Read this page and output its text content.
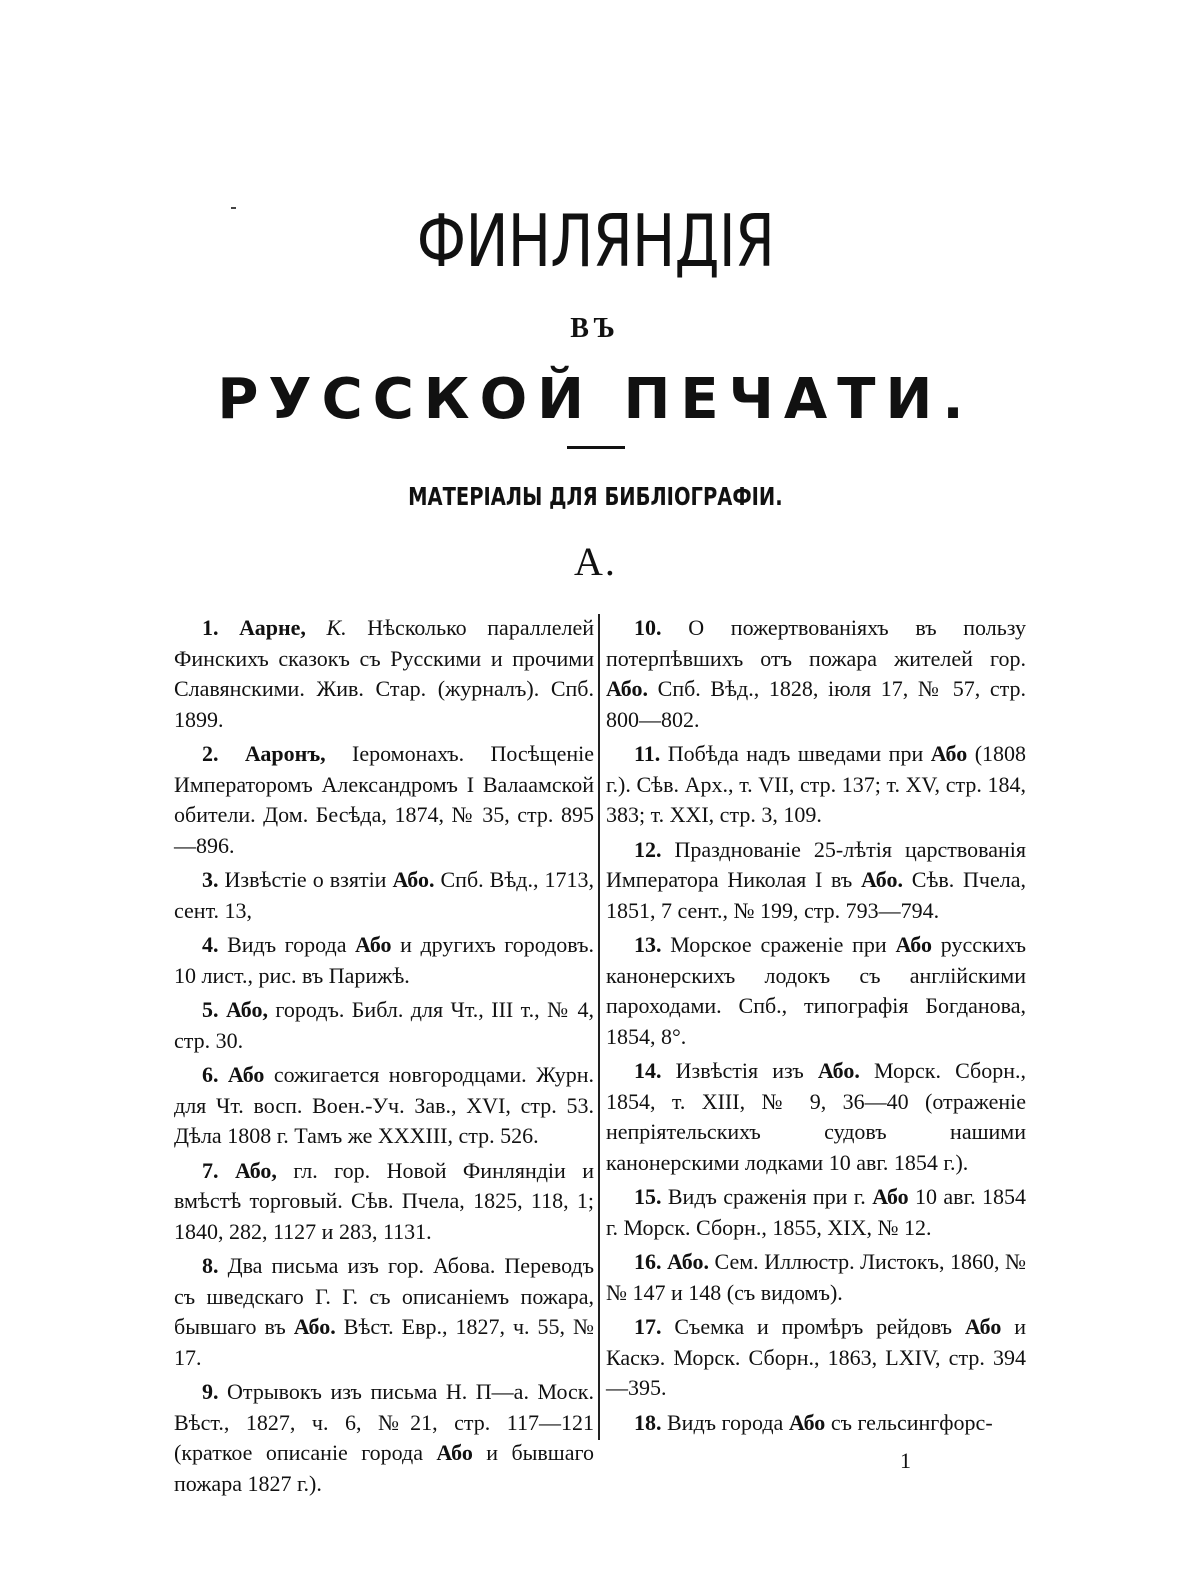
ФИНЛЯНДІЯ
ВЪ
РУССКОЙ ПЕЧАТИ.
МАТЕРІАЛЫ ДЛЯ БИБЛІОГРАФІИ.
А.

1. Аарне, К. Нѣсколько параллелей Финскихъ сказокъ съ Русскими и прочими Славянскими. Жив. Стар. (журналъ). Спб. 1899.

2. Ааронъ, Іеромонахъ. Посѣщеніе Императоромъ Александромъ I Валаамской обители. Дом. Бесѣда, 1874, № 35, стр. 895—896.

3. Извѣстіе о взятіи Або. Спб. Вѣд., 1713, сент. 13,

4. Видъ города Або и другихъ городовъ. 10 лист., рис. въ Парижѣ.

5. Або, городъ. Библ. для Чт., III т., № 4, стр. 30.

6. Або сожигается новгородцами. Журн. для Чт. восп. Воен.-Уч. Зав., XVI, стр. 53. Дѣла 1808 г. Тамъ же XXXIII, стр. 526.

7. Або, гл. гор. Новой Финляндіи и вмѣстѣ торговый. Сѣв. Пчела, 1825, 118, 1; 1840, 282, 1127 и 283, 1131.

8. Два письма изъ гор. Абова. Переводъ съ шведскаго Г. Г. съ описаніемъ пожара, бывшаго въ Або. Вѣст. Евр., 1827, ч. 55, № 17.

9. Отрывокъ изъ письма Н. П—а. Моск. Вѣст., 1827, ч. 6, №21, стр. 117—121 (краткое описаніе города Або и бывшаго пожара 1827 г.).

10. О пожертвованіяхъ въ пользу потерпѣвшихъ отъ пожара жителей гор. Або. Спб. Вѣд., 1828, іюля 17, № 57, стр. 800—802.

11. Побѣда надъ шведами при Або (1808 г.). Сѣв. Арх., т. VII, стр. 137; т. XV, стр. 184, 383; т. XXI, стр. 3, 109.

12. Празднованіе 25-лѣтія царствованія Императора Николая I въ Або. Сѣв. Пчела, 1851, 7 сент., № 199, стр. 793—794.

13. Морское сраженіе при Або русскихъ канонерскихъ лодокъ съ англійскими пароходами. Спб., типографія Богданова, 1854, 8°.

14. Извѣстія изъ Або. Морск. Сборн., 1854, т. XIII, № 9, 36—40 (отраженіе непріятельскихъ судовъ нашими канонерскими лодками 10 авг. 1854 г.).

15. Видъ сраженія при г. Або 10 авг. 1854 г. Морск. Сборн., 1855, XIX, № 12.

16. Або. Сем. Иллюстр. Листокъ, 1860, №№ 147 и 148 (съ видомъ).

17. Съемка и промѣръ рейдовъ Або и Каскэ. Морск. Сборн., 1863, LXIV, стр. 394—395.

18. Видъ города Або съ гельсингфорс-

1
